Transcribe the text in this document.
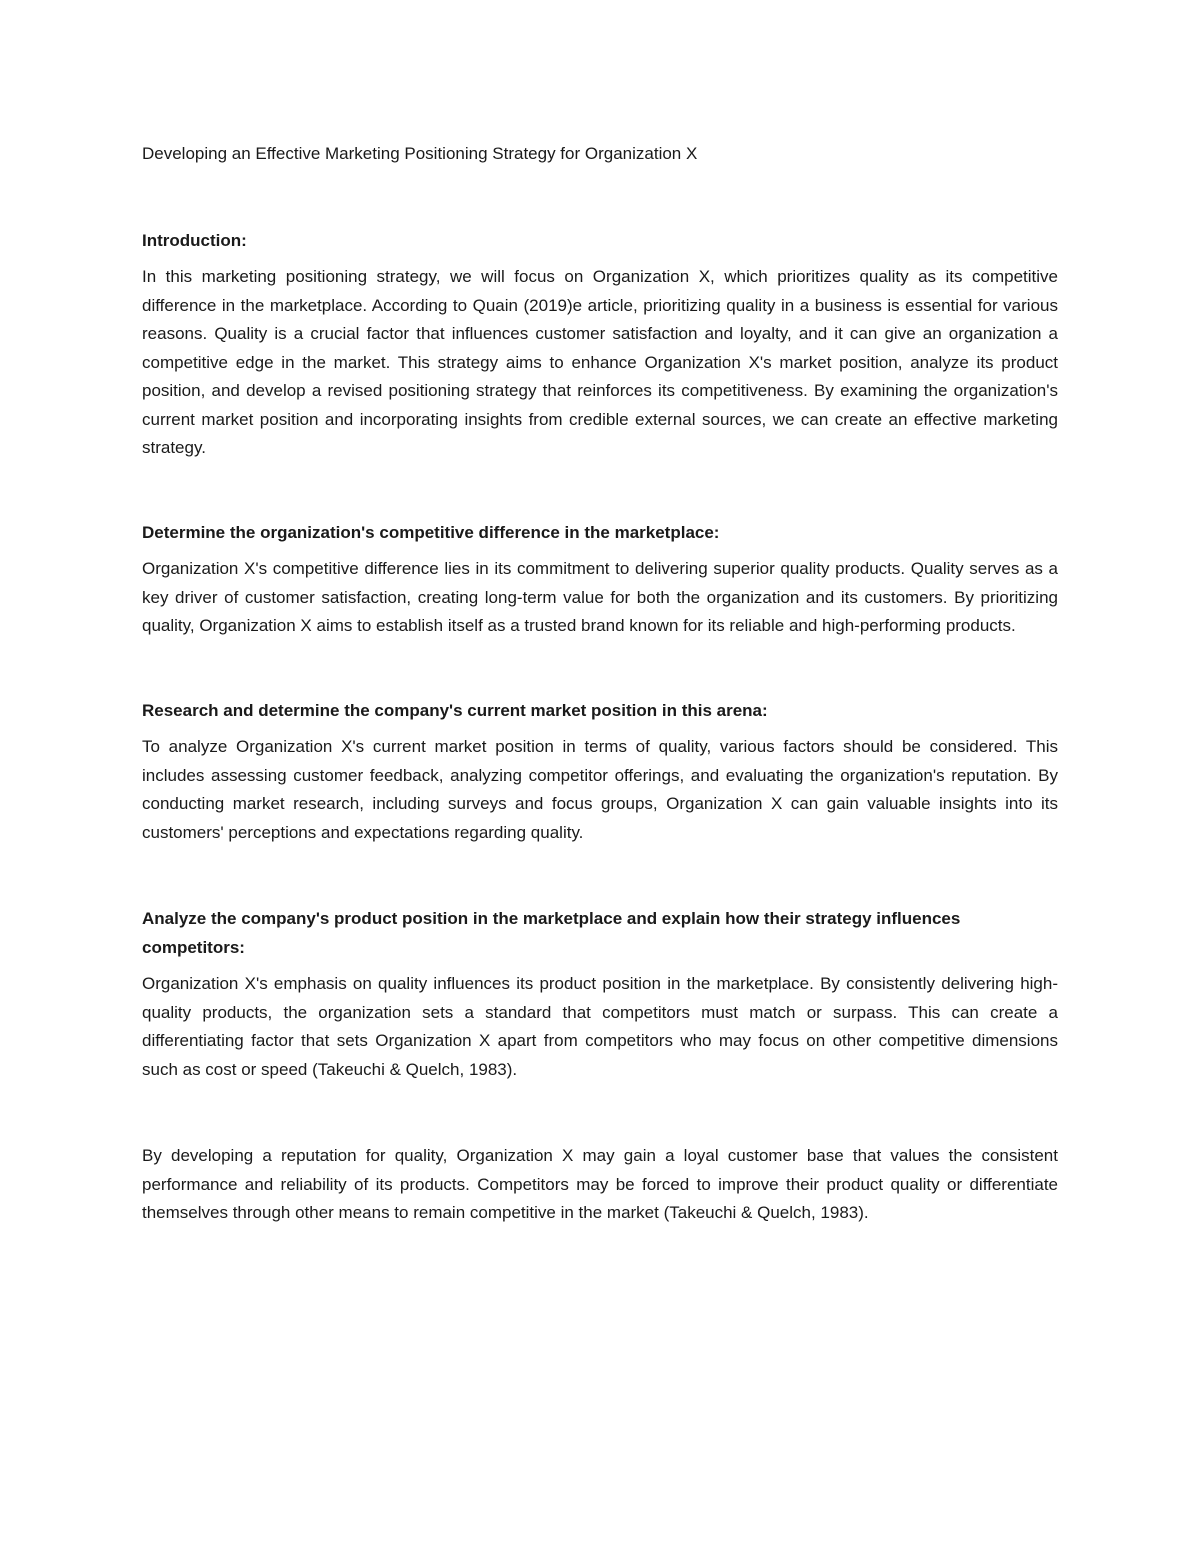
Developing an Effective Marketing Positioning Strategy for Organization X
Introduction:

In this marketing positioning strategy, we will focus on Organization X, which prioritizes quality as its competitive difference in the marketplace. According to Quain (2019)e article, prioritizing quality in a business is essential for various reasons. Quality is a crucial factor that influences customer satisfaction and loyalty, and it can give an organization a competitive edge in the market. This strategy aims to enhance Organization X's market position, analyze its product position, and develop a revised positioning strategy that reinforces its competitiveness. By examining the organization's current market position and incorporating insights from credible external sources, we can create an effective marketing strategy.

Determine the organization's competitive difference in the marketplace:

Organization X's competitive difference lies in its commitment to delivering superior quality products. Quality serves as a key driver of customer satisfaction, creating long-term value for both the organization and its customers. By prioritizing quality, Organization X aims to establish itself as a trusted brand known for its reliable and high-performing products.

Research and determine the company's current market position in this arena:

To analyze Organization X's current market position in terms of quality, various factors should be considered. This includes assessing customer feedback, analyzing competitor offerings, and evaluating the organization's reputation. By conducting market research, including surveys and focus groups, Organization X can gain valuable insights into its customers' perceptions and expectations regarding quality.

Analyze the company's product position in the marketplace and explain how their strategy influences competitors:

Organization X's emphasis on quality influences its product position in the marketplace. By consistently delivering high-quality products, the organization sets a standard that competitors must match or surpass. This can create a differentiating factor that sets Organization X apart from competitors who may focus on other competitive dimensions such as cost or speed (Takeuchi & Quelch, 1983).

By developing a reputation for quality, Organization X may gain a loyal customer base that values the consistent performance and reliability of its products. Competitors may be forced to improve their product quality or differentiate themselves through other means to remain competitive in the market (Takeuchi & Quelch, 1983).
